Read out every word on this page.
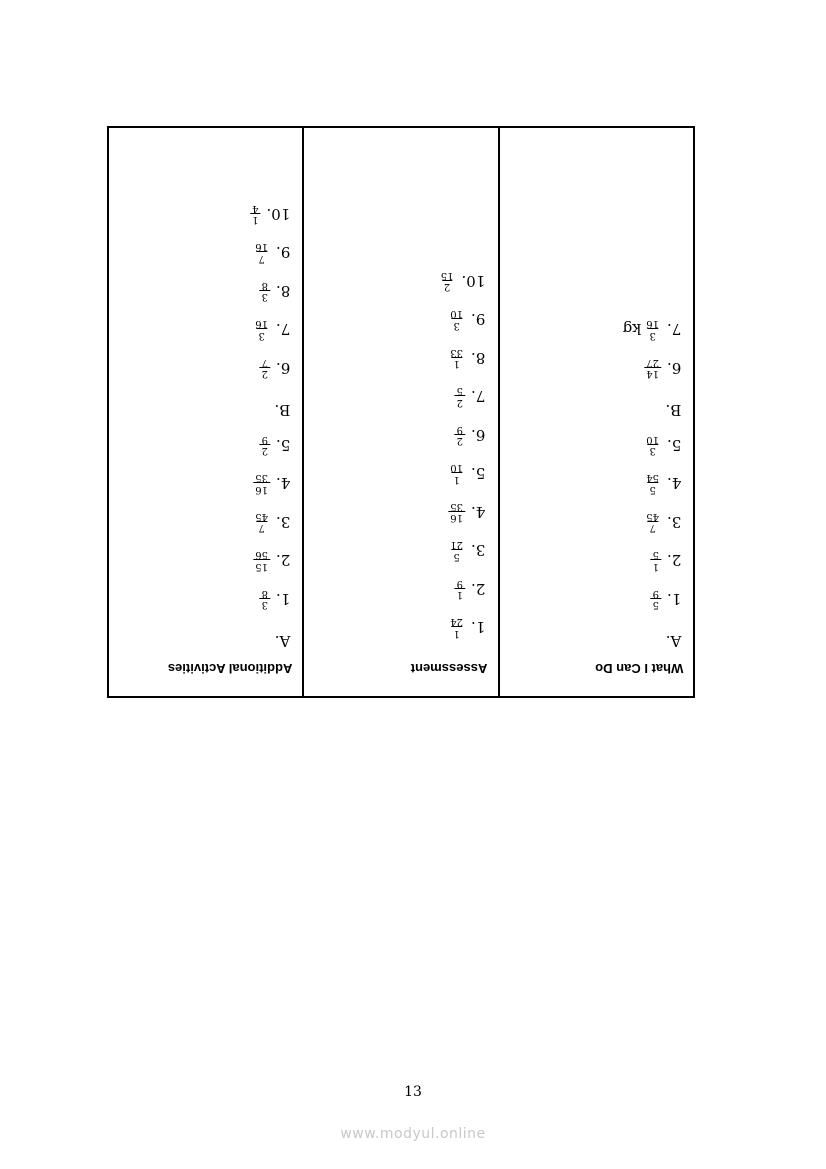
Additional Activities
A.
1.
3
8
2.
15
56
3.
7
45
4.
16
35
5.
2
9
B.
6.
2
7
7.
3
16
8.
3
8
9.
7
16
10.
1
4
Assessment
1.
1
24
2.
1
9
3.
5
21
4.
16
35
5.
1
10
6.
2
9
7.
2
5
8.
1
33
9.
3
10
10.
2
15
What I Can Do
A.
1.
5
9
2.
1
5
3.
7
45
4.
5
54
5.
3
10
B.
6.
14
27
7.
3
16
kg
13
www.modyul.online
